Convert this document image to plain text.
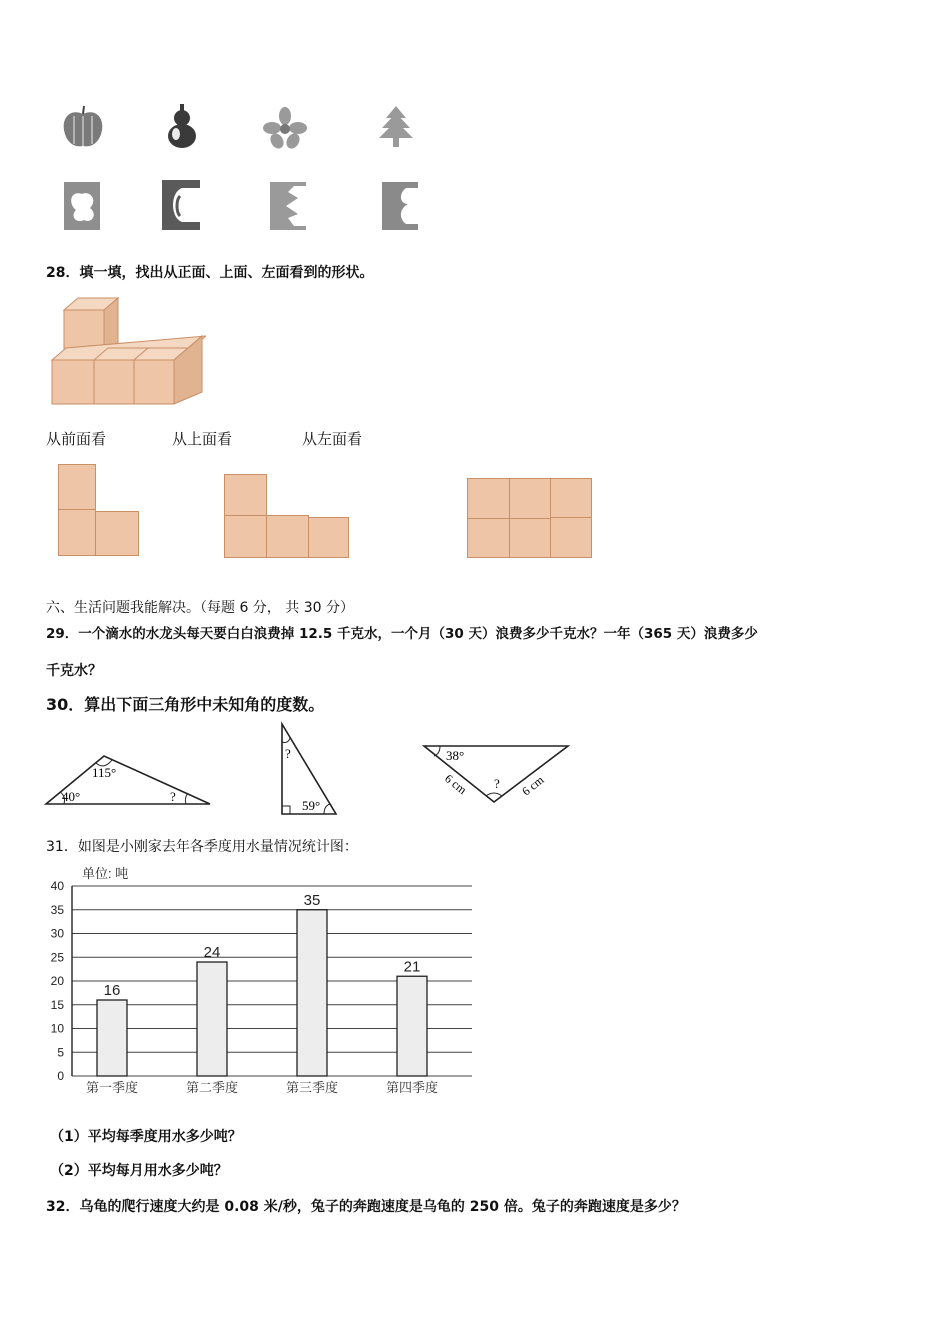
28．填一填，找出从正面、上面、左面看到的形状。
从前面看	从上面看	从左面看
六、生活问题我能解决。（每题 6 分， 共 30 分）
29．一个滴水的水龙头每天要白白浪费掉 12.5 千克水，一个月（30 天）浪费多少千克水？一年（365 天）浪费多少
千克水？
30．算出下面三角形中未知角的度数。
115°
40°	?
?
59°
38°
6 cm	6 cm
?
31．如图是小刚家去年各季度用水量情况统计图：
0
5
10
15
20
25
30
35
40
16
第一季度
24
第二季度
35
第三季度
21
第四季度
单位: 吨
（1）平均每季度用水多少吨？
（2）平均每月用水多少吨？
32．乌龟的爬行速度大约是 0.08 米/秒，兔子的奔跑速度是乌龟的 250 倍。兔子的奔跑速度是多少？
